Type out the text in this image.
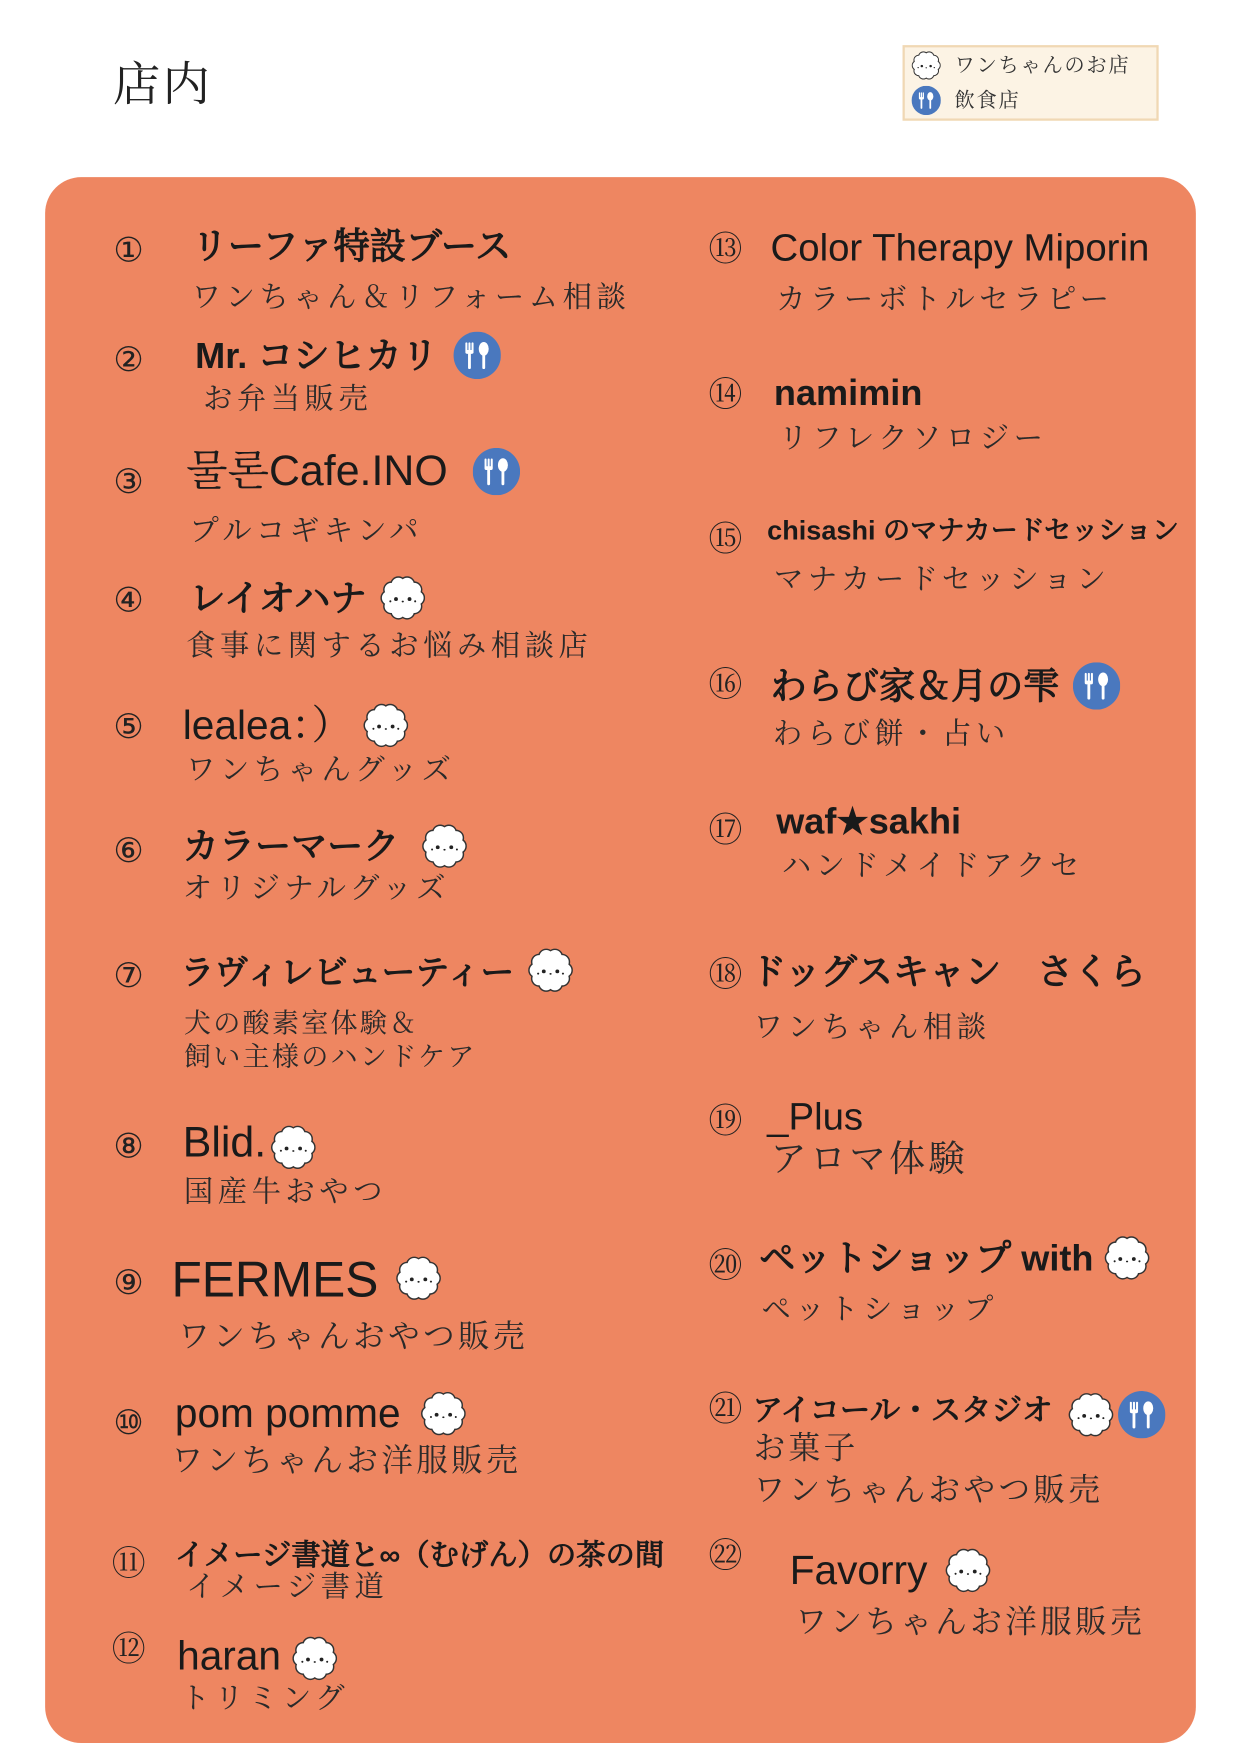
店内	ワンちゃんのお店
飲食店
① リーファ特設ブース
ワンちゃん＆リフォーム相談
② Mr. コシヒカリ
お弁当販売
③ 물론Cafe.INO
プルコギキンパ
④ レイオハナ
食事に関するお悩み相談店
⑤ lealea：）
ワンちゃんグッズ
⑥ カラーマーク
オリジナルグッズ
⑦ ラヴィレビューティー
犬の酸素室体験＆
飼い主様のハンドケア
⑧ Blid.
国産牛おやつ
⑨ FERMES
ワンちゃんおやつ販売
⑩ pom pomme
ワンちゃんお洋服販売
⑪ イメージ書道と∞（むげん）の茶の間
イメージ書道
⑫ haran
トリミング
⑬ Color Therapy Miporin
カラーボトルセラピー
⑭ namimin
リフレクソロジー
⑮ chisashi のマナカードセッション
マナカードセッション
⑯ わらび家＆月の雫
わらび餅・占い
⑰ waf★sakhi
ハンドメイドアクセ
⑱ ドッグスキャン　さくら
ワンちゃん相談
⑲ _Plus
アロマ体験
⑳ ペットショップ with
ペットショップ
㉑ アイコール・スタジオ
お菓子
ワンちゃんおやつ販売
㉒ Favorry
ワンちゃんお洋服販売
